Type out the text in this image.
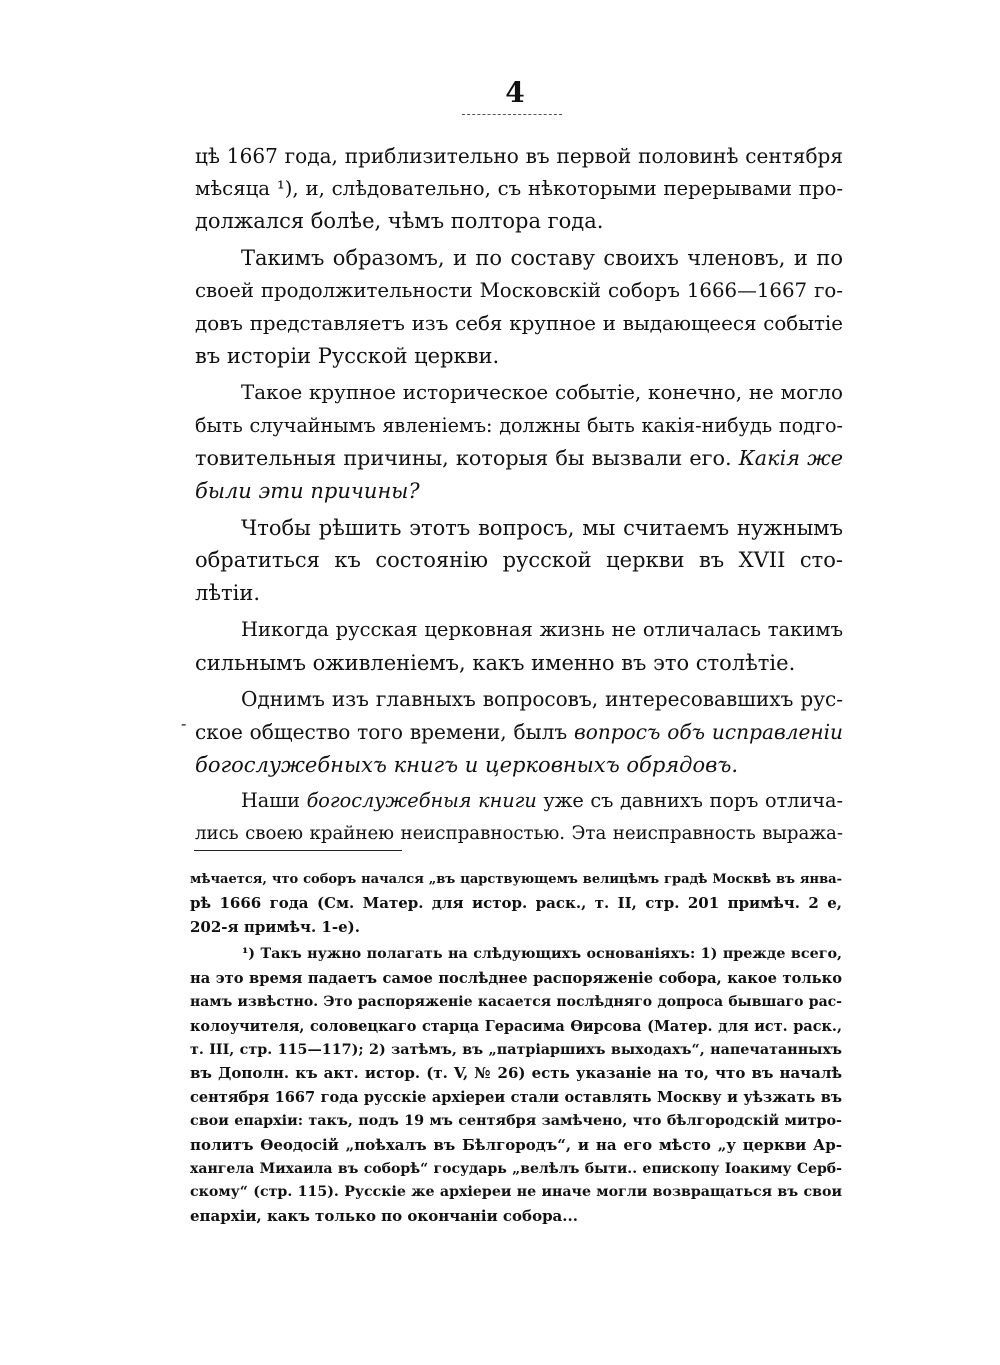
4
цѣ 1667 года, приблизительно въ первой половинѣ сентября
мѣсяца ¹), и, слѣдовательно, съ нѣкоторыми перерывами про-
должался болѣе, чѣмъ полтора года.
Такимъ образомъ, и по составу своихъ членовъ, и по
своей продолжительности Московскій соборъ 1666—1667 го-
довъ представляетъ изъ себя крупное и выдающееся событіе
въ исторіи Русской церкви.
Такое крупное историческое событіе, конечно, не могло
быть случайнымъ явленіемъ: должны быть какія-нибудь подго-
товительныя причины, которыя бы вызвали его. Какія же
были эти причины?
Чтобы рѣшить этотъ вопросъ, мы считаемъ нужнымъ
обратиться къ состоянію русской церкви въ XVII сто-
лѣтіи.
Никогда русская церковная жизнь не отличалась такимъ
сильнымъ оживленіемъ, какъ именно въ это столѣтіе.
Однимъ изъ главныхъ вопросовъ, интересовавшихъ рус-
ское общество того времени, былъ вопросъ объ исправленіи
богослужебныхъ книгъ и церковныхъ обрядовъ.
Наши богослужебныя книги уже съ давнихъ поръ отлича-
лись своею крайнею неисправностью. Эта неисправность выража-
-
мѣчается, что соборъ начался „въ царствующемъ велицѣмъ градѣ Москвѣ въ янва-
рѣ 1666 года (См. Матер. для истор. раск., т. II, стр. 201 примѣч. 2 е,
202-я примѣч. 1-е).
¹) Такъ нужно полагать на слѣдующихъ основаніяхъ: 1) прежде всего,
на это время падаетъ самое послѣднее распоряженіе собора, какое только
намъ извѣстно. Это распоряженіе касается послѣдняго допроса бывшаго рас-
колоучителя, соловецкаго старца Герасима Ѳирсова (Матер. для ист. раск.,
т. III, стр. 115—117); 2) затѣмъ, въ „патріаршихъ выходахъ“, напечатанныхъ
въ Дополн. къ акт. истор. (т. V, № 26) есть указаніе на то, что въ началѣ
сентября 1667 года русскіе архіереи стали оставлять Москву и уѣзжать въ
свои епархіи: такъ, подъ 19 мъ сентября замѣчено, что бѣлгородскій митро-
политъ Ѳеодосій „поѣхалъ въ Бѣлгородъ“, и на его мѣсто „у церкви Ар-
хангела Михаила въ соборѣ“ государь „велѣлъ быти.. епископу Іоакиму Серб-
скому“ (стр. 115). Русскіе же архіереи не иначе могли возвращаться въ свои
епархіи, какъ только по окончаніи собора...
